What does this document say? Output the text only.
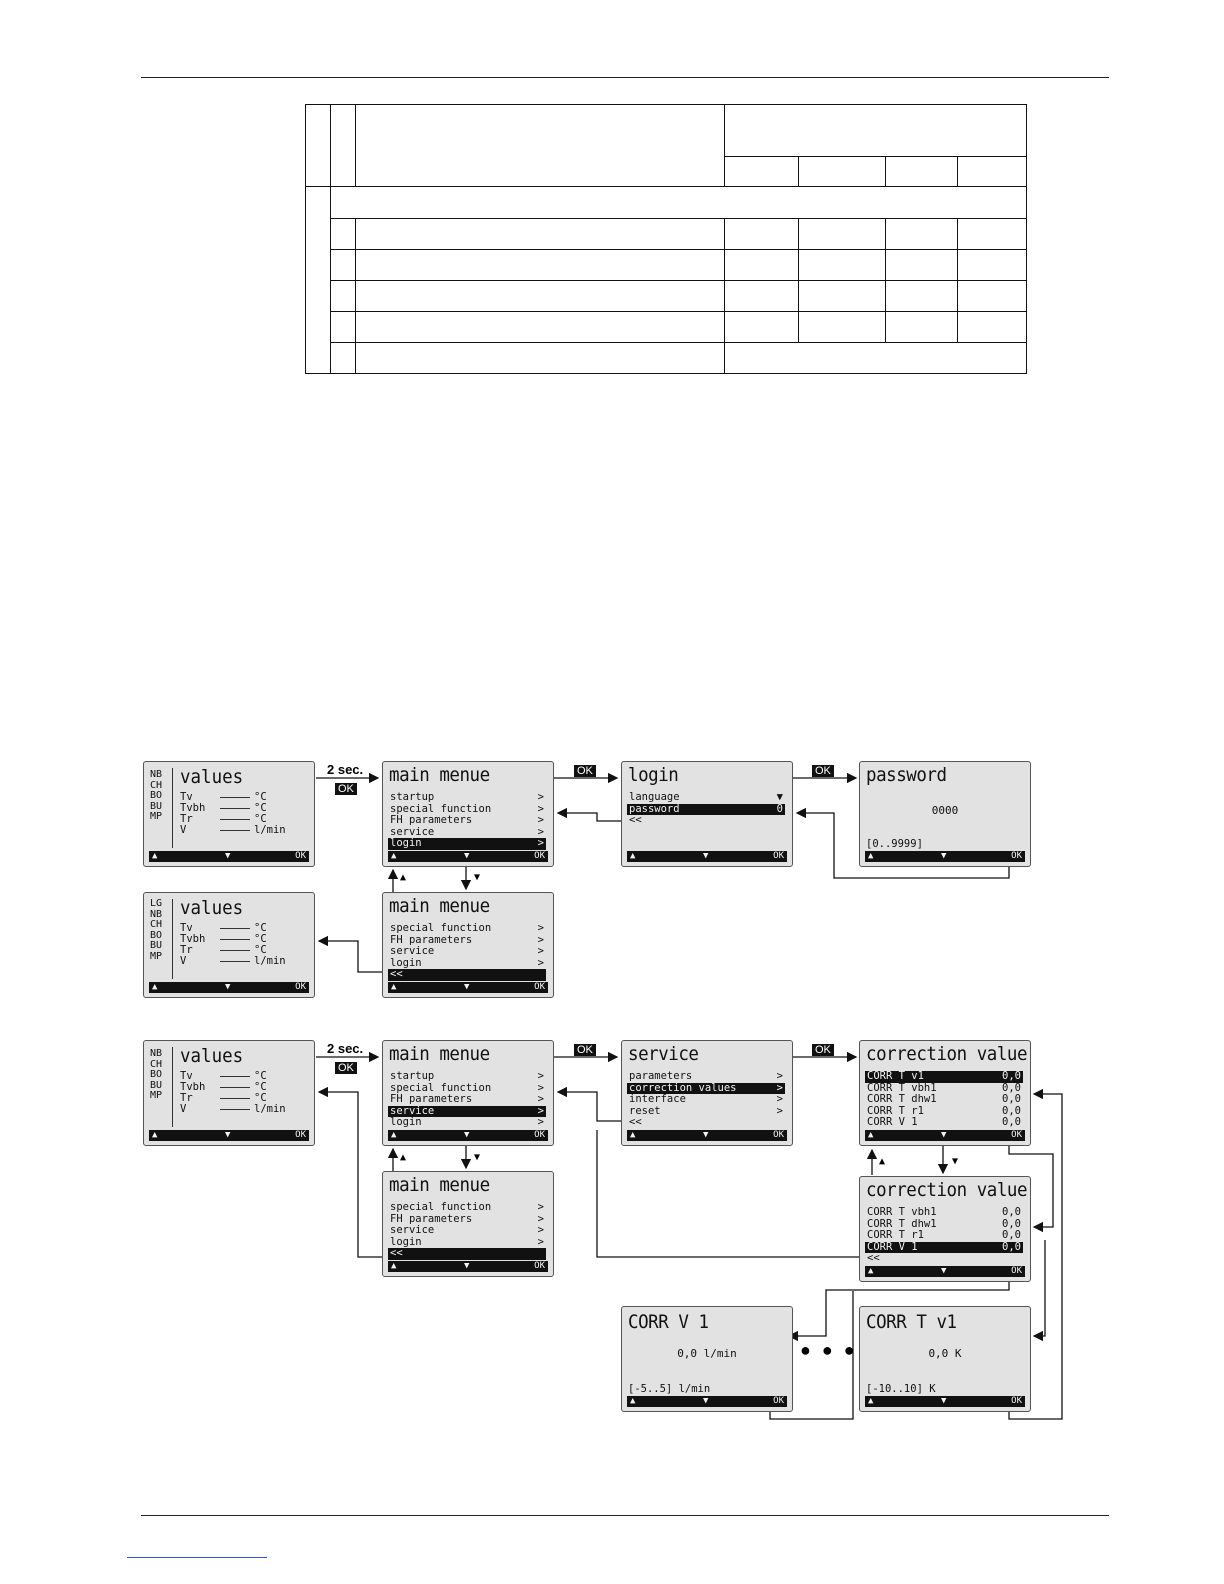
2 sec.
OK
OK	OK
▲	▼
2 sec.
OK
OK	OK
▲	▼	▲	▼
● ● ●
NB
CH
BO
BU
MP
values
Tv	°C
Tvbh	°C
Tr	°C
V	l/min
▲	▼	OK
main menue
startup	>
special function	>
FH parameters	>
service	>
login	>
▲	▼	OK
login
language	▼
password	0
<<
▲	▼	OK
password
0000
[0..9999]
▲	▼	OK
LG
NB
CH
BO
BU
MP
values
Tv	°C
Tvbh	°C
Tr	°C
V	l/min
▲	▼	OK
main menue
special function	>
FH parameters	>
service	>
login	>
<<
▲	▼	OK
NB
CH
BO
BU
MP
values
Tv	°C
Tvbh	°C
Tr	°C
V	l/min
▲	▼	OK
main menue
startup	>
special function	>
FH parameters	>
service	>
login	>
▲	▼	OK
service
parameters	>
correction values	>
interface	>
reset	>
<<
▲	▼	OK
correction value
CORR T v1	0,0
CORR T vbh1	0,0
CORR T dhw1	0,0
CORR T r1	0,0
CORR V 1	0,0
▲	▼	OK
main menue
special function	>
FH parameters	>
service	>
login	>
<<
▲	▼	OK
correction value
CORR T vbh1	0,0
CORR T dhw1	0,0
CORR T r1	0,0
CORR V 1	0,0
<<
▲	▼	OK
CORR V 1
0,0 l/min
[-5..5] l/min
▲	▼	OK
CORR T v1
0,0 K
[-10..10] K
▲	▼	OK
